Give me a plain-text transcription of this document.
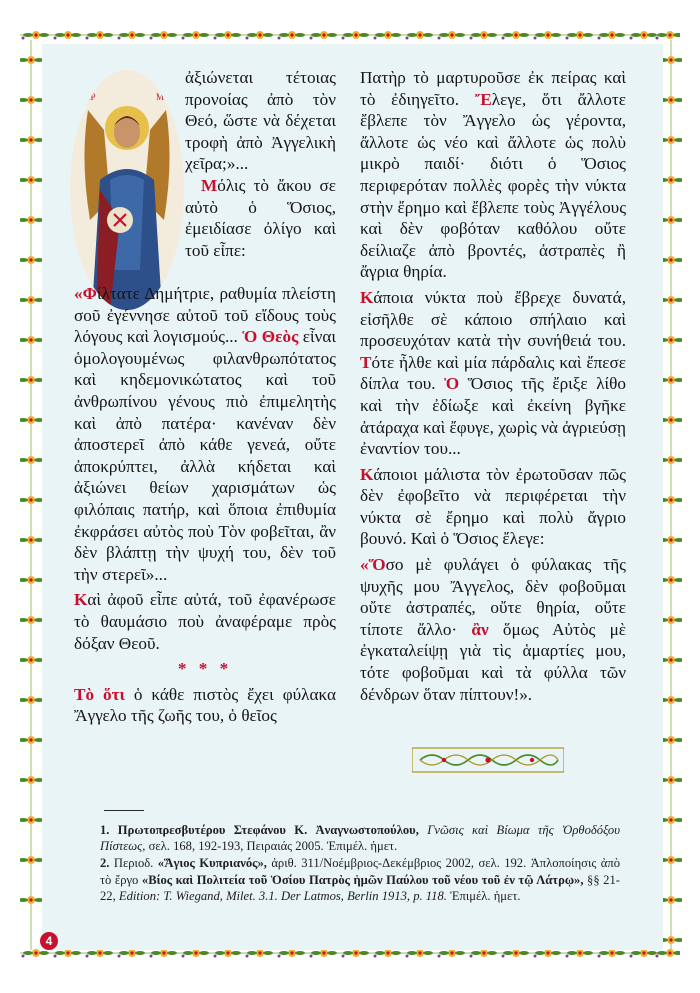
ΑΡ	ΜΙ

ἀξιώνεται τέτοιας προνοίας ἀπὸ τὸν Θεό, ὥστε νὰ δέχεται τροφὴ ἀπὸ Ἀγγελικὴ χεῖρα;»...

Μόλις τὸ ἄκου σε αὐτὸ ὁ Ὅσιος, ἐμειδίασε ὀλίγο καὶ τοῦ εἶπε:

«Φίλτατε Δημήτριε, ραθυμία πλείστη σοῦ ἐγέννησε αὐτοῦ τοῦ εἴδους τοὺς λόγους καὶ λογισμούς... Ὁ Θεὸς εἶναι ὁμολογουμένως φιλανθρωπότατος καὶ κηδεμονικώτατος καὶ τοῦ ἀνθρωπίνου γένους πιὸ ἐπιμελητὴς καὶ ἀπὸ πατέρα· κανέναν δὲν ἀποστερεῖ ἀπὸ κάθε γενεά, οὔτε ἀποκρύπτει, ἀλλὰ κήδεται καὶ ἀξιώνει θείων χαρισμάτων ὡς φιλόπαις πατήρ, καὶ ὅποια ἐπιθυμία ἐκφράσει αὐτὸς ποὺ Τὸν φοβεῖται, ἂν δὲν βλάπτῃ τὴν ψυχή του, δὲν τοῦ τὴν στερεῖ»...

Καὶ ἀφοῦ εἶπε αὐτά, τοῦ ἐφανέρωσε τὸ θαυμάσιο ποὺ ἀναφέραμε πρὸς δόξαν Θεοῦ.

* * *

Τὸ ὅτι ὁ κάθε πιστὸς ἔχει φύλακα Ἄγγελο τῆς ζωῆς του, ὁ θεῖος

Πατὴρ τὸ μαρτυροῦσε ἐκ πείρας καὶ τὸ ἐδιηγεῖτο. Ἔλεγε, ὅτι ἄλλοτε ἔβλεπε τὸν Ἄγγελο ὡς γέροντα, ἄλλοτε ὡς νέο καὶ ἄλλοτε ὡς πολὺ μικρὸ παιδί· διότι ὁ Ὅσιος περιφερόταν πολλὲς φορὲς τὴν νύκτα στὴν ἔρημο καὶ ἔβλεπε τοὺς Ἀγγέλους καὶ δὲν φοβόταν καθόλου οὔτε δείλιαζε ἀπὸ βροντές, ἀστραπὲς ἢ ἄγρια θηρία.

Κάποια νύκτα ποὺ ἔβρεχε δυνατά, εἰσῆλθε σὲ κάποιο σπήλαιο καὶ προσευχόταν κατὰ τὴν συνήθειά του. Τότε ἦλθε καὶ μία πάρδαλις καὶ ἔπεσε δίπλα του. Ὁ Ὅσιος τῆς ἔριξε λίθο καὶ τὴν ἐδίωξε καὶ ἐκείνη βγῆκε ἀτάραχα καὶ ἔφυγε, χωρὶς νὰ ἀγριεύσῃ ἐναντίον του...

Κάποιοι μάλιστα τὸν ἐρωτοῦσαν πῶς δὲν ἐφοβεῖτο νὰ περιφέρεται τὴν νύκτα σὲ ἔρημο καὶ πολὺ ἄγριο βουνό. Καὶ ὁ Ὅσιος ἔλεγε:

«Ὅσο μὲ φυλάγει ὁ φύλακας τῆς ψυχῆς μου Ἄγγελος, δὲν φοβοῦμαι οὔτε ἀστραπές, οὔτε θηρία, οὔτε τίποτε ἄλλο· ἂν ὅμως Αὐτὸς μὲ ἐγκαταλείψῃ γιὰ τὶς ἁμαρτίες μου, τότε φοβοῦμαι καὶ τὰ φύλλα τῶν δένδρων ὅταν πίπτουν!».

1. Πρωτοπρεσβυτέρου Στεφάνου Κ. Ἀναγνωστοπούλου, Γνῶσις καὶ Βίωμα τῆς Ὀρθοδόξου Πίστεως, σελ. 168, 192-193, Πειραιάς 2005. Ἐπιμέλ. ἡμετ.

2. Περιοδ. «Ἅγιος Κυπριανός», ἀριθ. 311/Νοέμβριος-Δεκέμβριος 2002, σελ. 192. Ἀπλοποίησις ἀπὸ τὸ ἔργο «Βίος καὶ Πολιτεία τοῦ Ὁσίου Πατρὸς ἡμῶν Παύλου τοῦ νέου τοῦ ἐν τῷ Λάτρῳ», §§ 21-22, Edition: T. Wiegand, Milet. 3.1. Der Latmos, Berlin 1913, p. 118. Ἐπιμέλ. ἡμετ.

4
